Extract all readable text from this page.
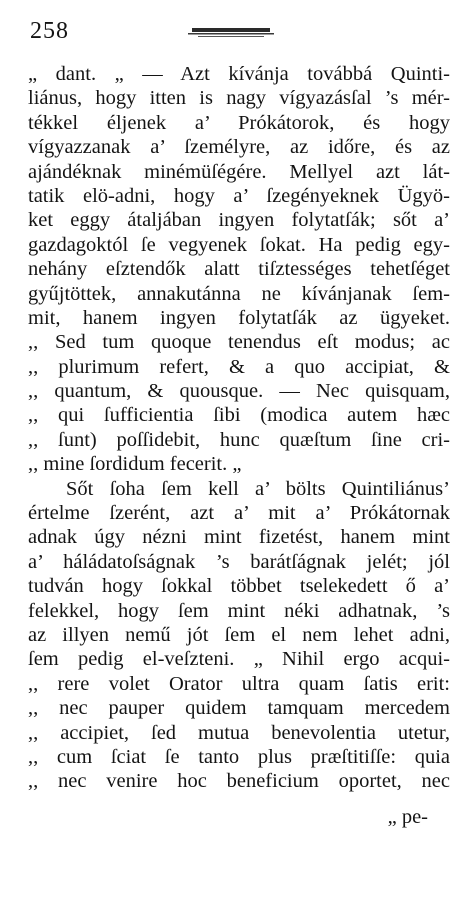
258
„ dant. „ — Azt kívánja továbbá Quinti-
liánus, hogy itten is nagy vígyazásſal ’s mér-
tékkel éljenek a’ Prókátorok, és hogy
vígyazzanak a’ ſzemélyre, az időre, és az
ajándéknak minémüſégére. Mellyel azt lát-
tatik elö-adni, hogy a’ ſzegényeknek Ügyö-
ket eggy átaljában ingyen folytatſák; sőt a’
gazdagoktól ſe vegyenek ſokat. Ha pedig egy-
nehány eſztendők alatt tiſztességes tehetſéget
gyűjtöttek, annakutánna ne kívánjanak ſem-
mit, hanem ingyen folytatſák az ügyeket.
,, Sed tum quoque tenendus eſt modus; ac
,, plurimum refert, & a quo accipiat, &
,, quantum, & quousque. — Nec quisquam,
,, qui ſufficientia ſibi (modica autem hæc
,, ſunt) poſſidebit, hunc quæſtum ſine cri-
,, mine ſordidum fecerit. „
Sőt ſoha ſem kell a’ bölts Quintiliánus’
értelme ſzerént, azt a’ mit a’ Prókátornak
adnak úgy nézni mint fizetést, hanem mint
a’ háládatoſságnak ’s barátſágnak jelét; jól
tudván hogy ſokkal többet tselekedett ő a’
felekkel, hogy ſem mint néki adhatnak, ’s
az illyen nemű jót ſem el nem lehet adni,
ſem pedig el-veſzteni. „ Nihil ergo acqui-
,, rere volet Orator ultra quam ſatis erit:
,, nec pauper quidem tamquam mercedem
,, accipiet, ſed mutua benevolentia utetur,
,, cum ſciat ſe tanto plus præſtitiſſe: quia
,, nec venire hoc beneficium oportet, nec
„ pe-
